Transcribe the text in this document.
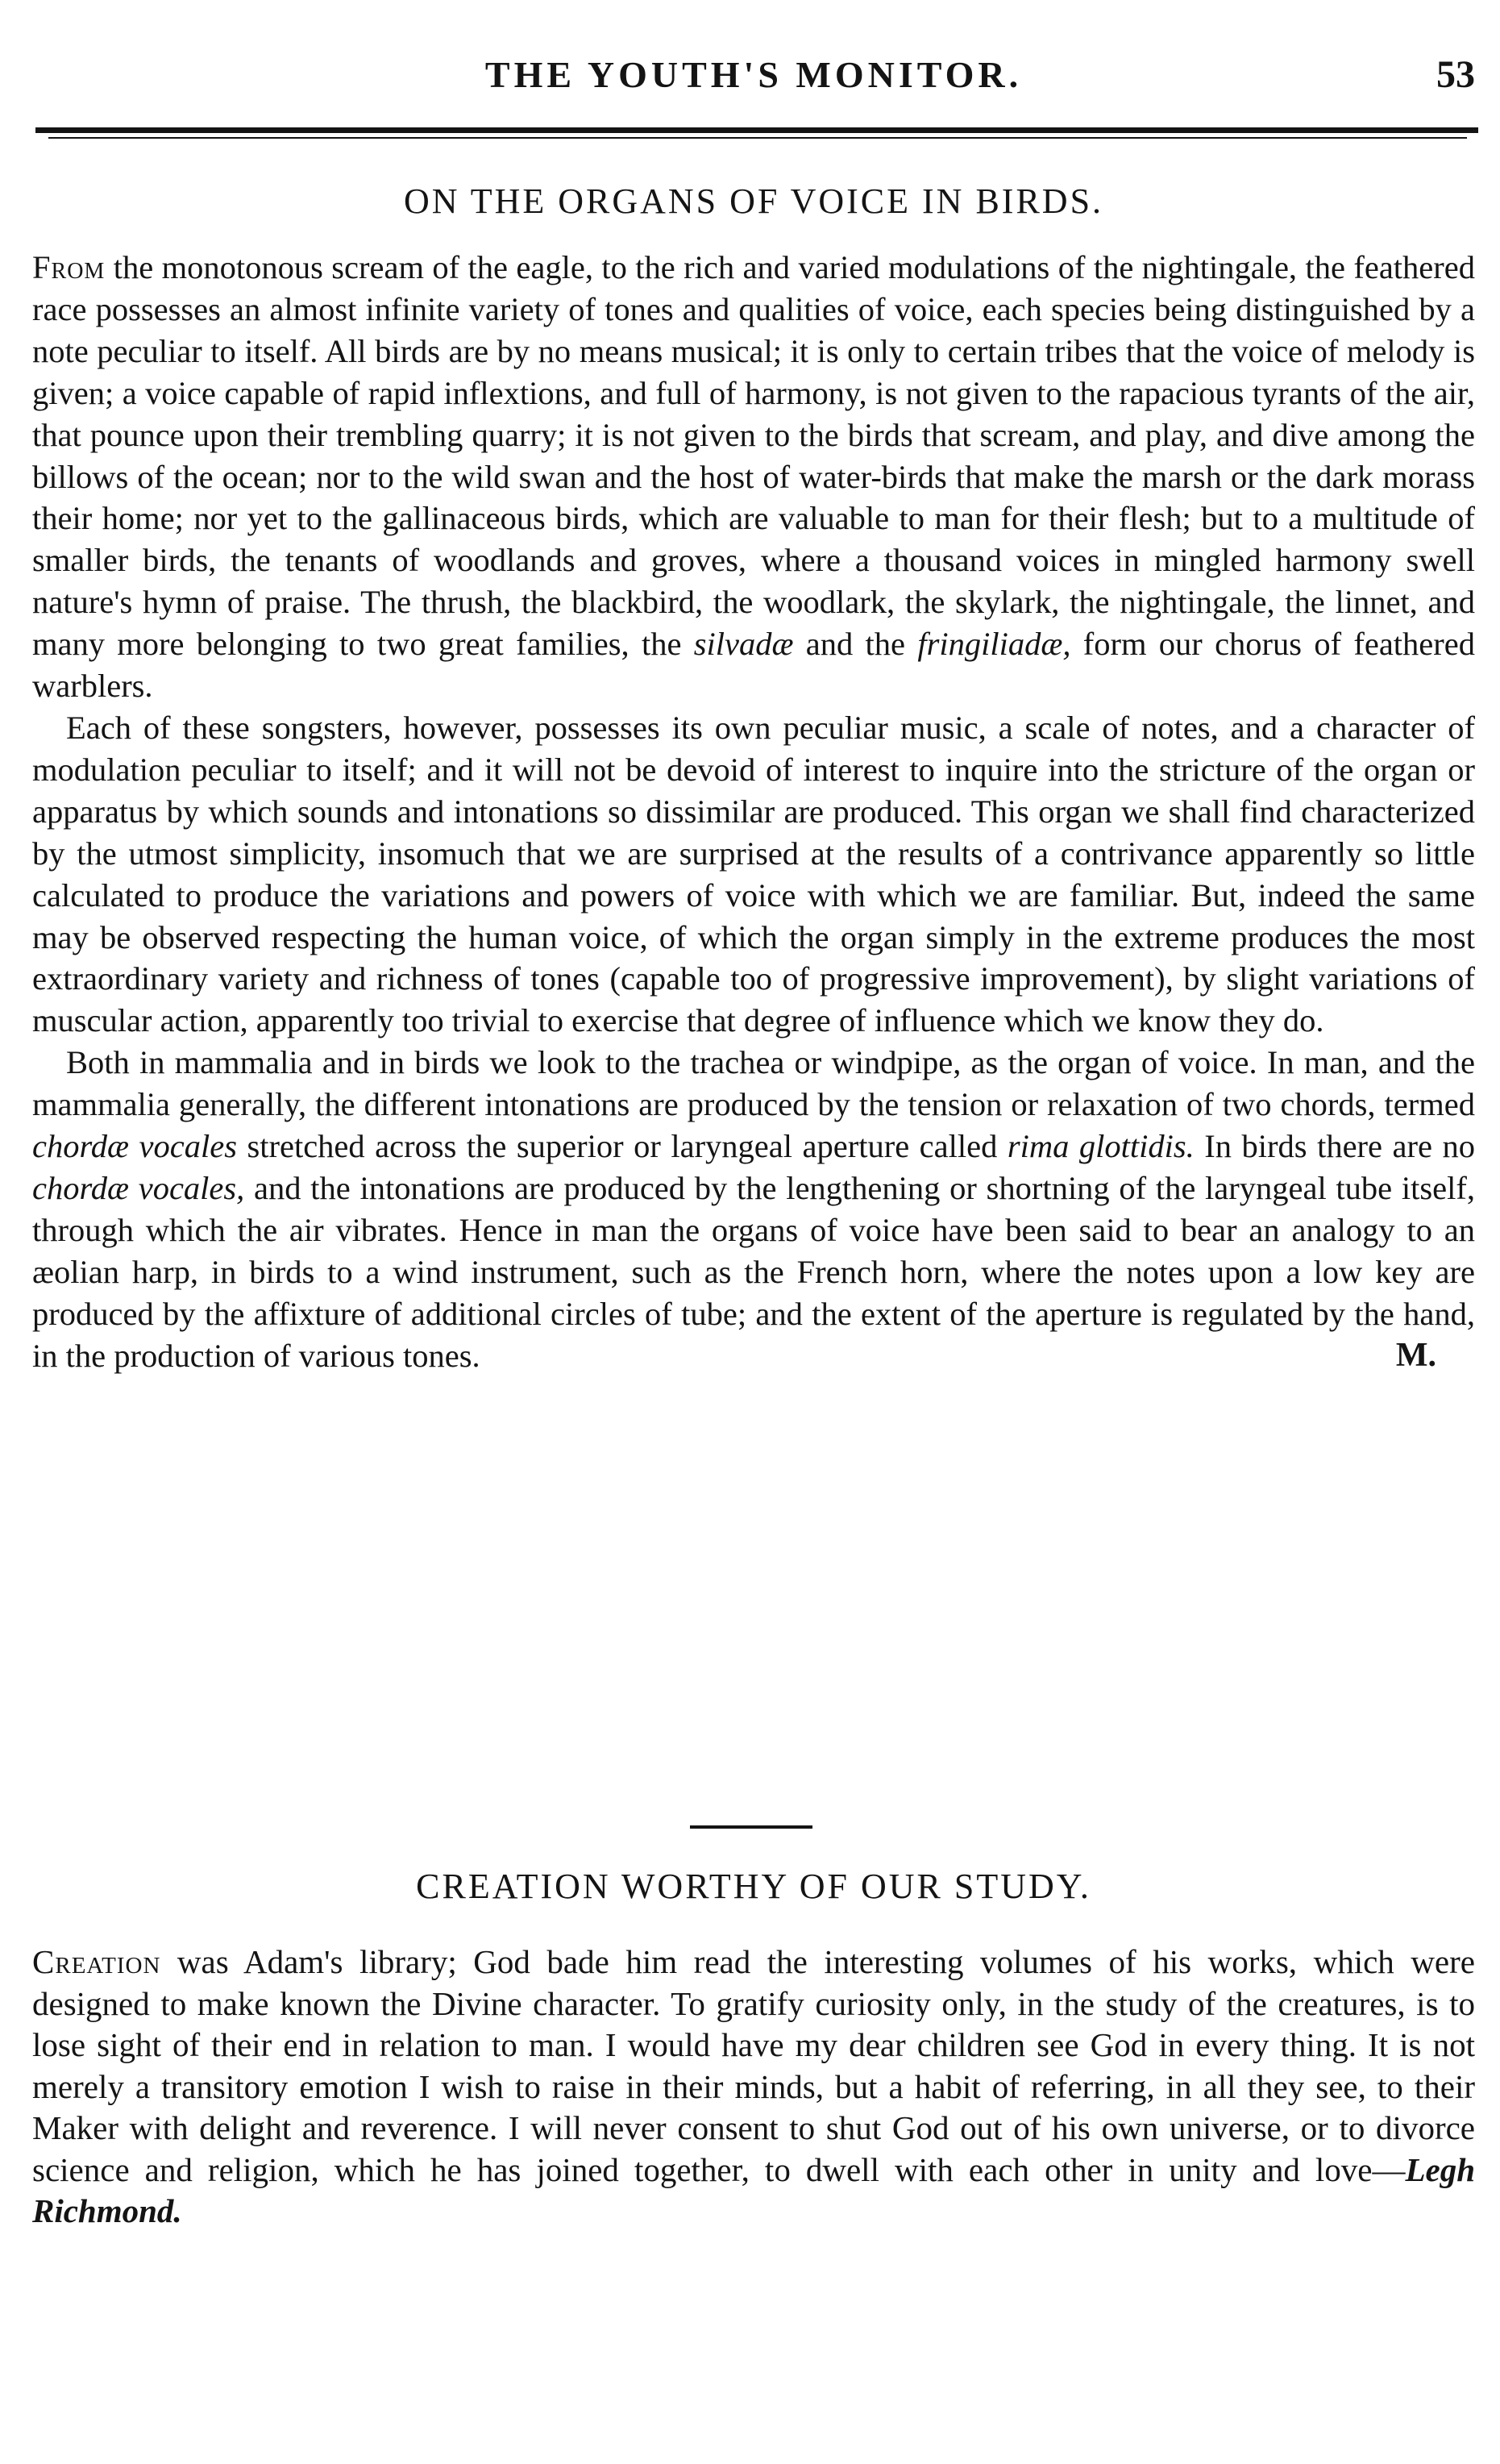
THE YOUTH'S MONITOR.	53
ON THE ORGANS OF VOICE IN BIRDS.

From the monotonous scream of the eagle, to the rich and varied modulations of the nightingale, the feathered race possesses an almost infinite variety of tones and qualities of voice, each species being distinguished by a note peculiar to itself. All birds are by no means musical; it is only to certain tribes that the voice of melody is given; a voice capable of rapid inflextions, and full of harmony, is not given to the rapacious tyrants of the air, that pounce upon their trembling quarry; it is not given to the birds that scream, and play, and dive among the billows of the ocean; nor to the wild swan and the host of water-birds that make the marsh or the dark morass their home; nor yet to the gallinaceous birds, which are valuable to man for their flesh; but to a multitude of smaller birds, the tenants of woodlands and groves, where a thousand voices in mingled harmony swell nature's hymn of praise. The thrush, the blackbird, the woodlark, the skylark, the nightingale, the linnet, and many more belonging to two great families, the silvadæ and the fringiliadæ, form our chorus of feathered warblers.

Each of these songsters, however, possesses its own peculiar music, a scale of notes, and a character of modulation peculiar to itself; and it will not be devoid of interest to inquire into the stricture of the organ or apparatus by which sounds and intonations so dissimilar are produced. This organ we shall find characterized by the utmost simplicity, insomuch that we are surprised at the results of a contrivance apparently so little calculated to produce the variations and powers of voice with which we are familiar. But, indeed the same may be observed respecting the human voice, of which the organ simply in the extreme produces the most extraordinary variety and richness of tones (capable too of progressive improvement), by slight variations of muscular action, apparently too trivial to exercise that degree of influence which we know they do.

Both in mammalia and in birds we look to the trachea or windpipe, as the organ of voice. In man, and the mammalia generally, the different intonations are produced by the tension or relaxation of two chords, termed chordæ vocales stretched across the superior or laryngeal aperture called rima glottidis. In birds there are no chordæ vocales, and the intonations are produced by the lengthening or shortning of the laryngeal tube itself, through which the air vibrates. Hence in man the organs of voice have been said to bear an analogy to an æolian harp, in birds to a wind instrument, such as the French horn, where the notes upon a low key are produced by the affixture of additional circles of tube; and the extent of the aperture is regulated by the hand, in the production of various tones.	M.
CREATION WORTHY OF OUR STUDY.

Creation was Adam's library; God bade him read the interesting volumes of his works, which were designed to make known the Divine character. To gratify curiosity only, in the study of the creatures, is to lose sight of their end in relation to man. I would have my dear children see God in every thing. It is not merely a transitory emotion I wish to raise in their minds, but a habit of referring, in all they see, to their Maker with delight and reverence. I will never consent to shut God out of his own universe, or to divorce science and religion, which he has joined together, to dwell with each other in unity and love—Legh Richmond.
